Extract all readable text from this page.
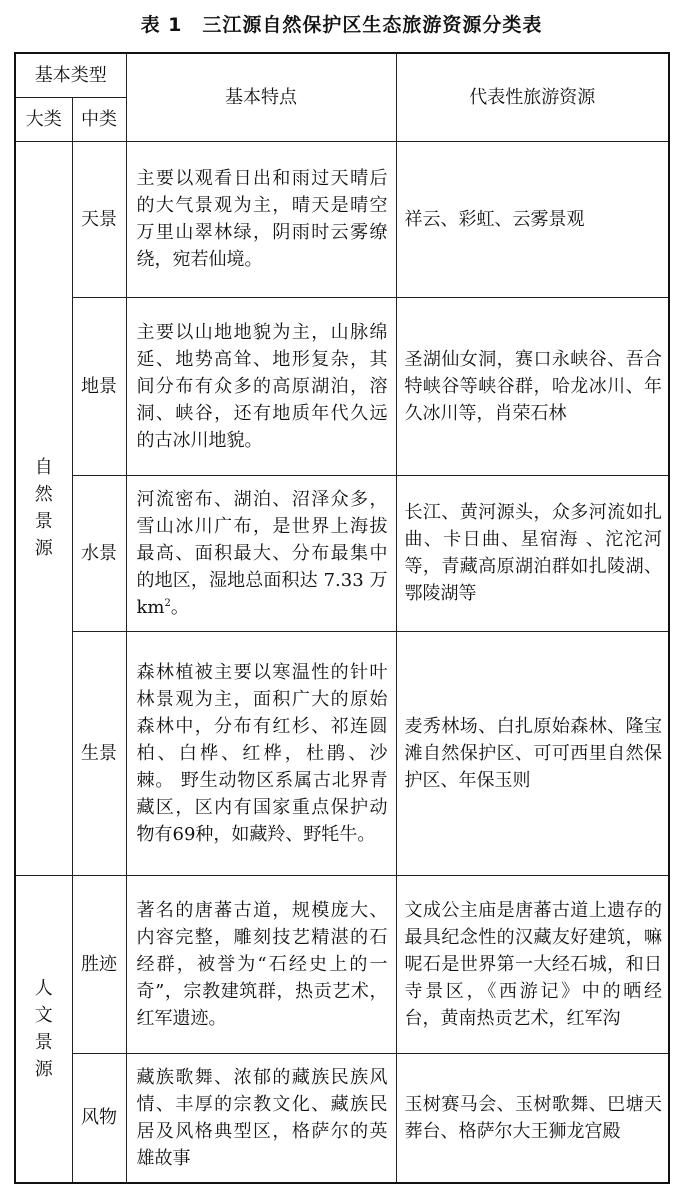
表 1 三江源自然保护区生态旅游资源分类表
基本类型		基本特点	代表性旅游资源
大类	中类		

自
然
景
源	天景	主要以观看日出和雨过天晴后的大气景观为主，晴天是晴空万里山翠林绿，阴雨时云雾缭绕，宛若仙境。	祥云、彩虹、云雾景观
	地景	主要以山地地貌为主，山脉绵延、地势高耸、地形复杂，其间分布有众多的高原湖泊，溶洞、峡谷，还有地质年代久远的古冰川地貌。	圣湖仙女洞，赛口永峡谷、吾合特峡谷等峡谷群，哈龙冰川、年久冰川等，肖荣石林
	水景	河流密布、湖泊、沼泽众多，雪山冰川广布，是世界上海拔最高、面积最大、分布最集中的地区，湿地总面积达 7.33 万 $km^2$。	长江、黄河源头，众多河流如扎曲、卡日曲、星宿海 、沱沱河等，青藏高原湖泊群如扎陵湖、鄂陵湖等
	生景	森林植被主要以寒温性的针叶林景观为主，面积广大的原始森林中，分布有红杉、祁连圆柏、白桦、红桦，杜鹃、沙棘。 野生动物区系属古北界青藏区，区内有国家重点保护动物有69种，如藏羚、野牦牛。	麦秀林场、白扎原始森林、隆宝滩自然保护区、可可西里自然保护区、年保玉则

人
文
景
源	胜迹	著名的唐蕃古道，规模庞大、内容完整，雕刻技艺精湛的石经群，被誉为“石经史上的一奇”，宗教建筑群，热贡艺术，红军遗迹。	文成公主庙是唐蕃古道上遗存的最具纪念性的汉藏友好建筑，嘛呢石是世界第一大经石城，和日寺景区，《西游记》中的晒经台，黄南热贡艺术，红军沟
	风物	藏族歌舞、浓郁的藏族民族风情、丰厚的宗教文化、藏族民居及风格典型区，格萨尔的英雄故事	玉树赛马会、玉树歌舞、巴塘天葬台、格萨尔大王狮龙宫殿
